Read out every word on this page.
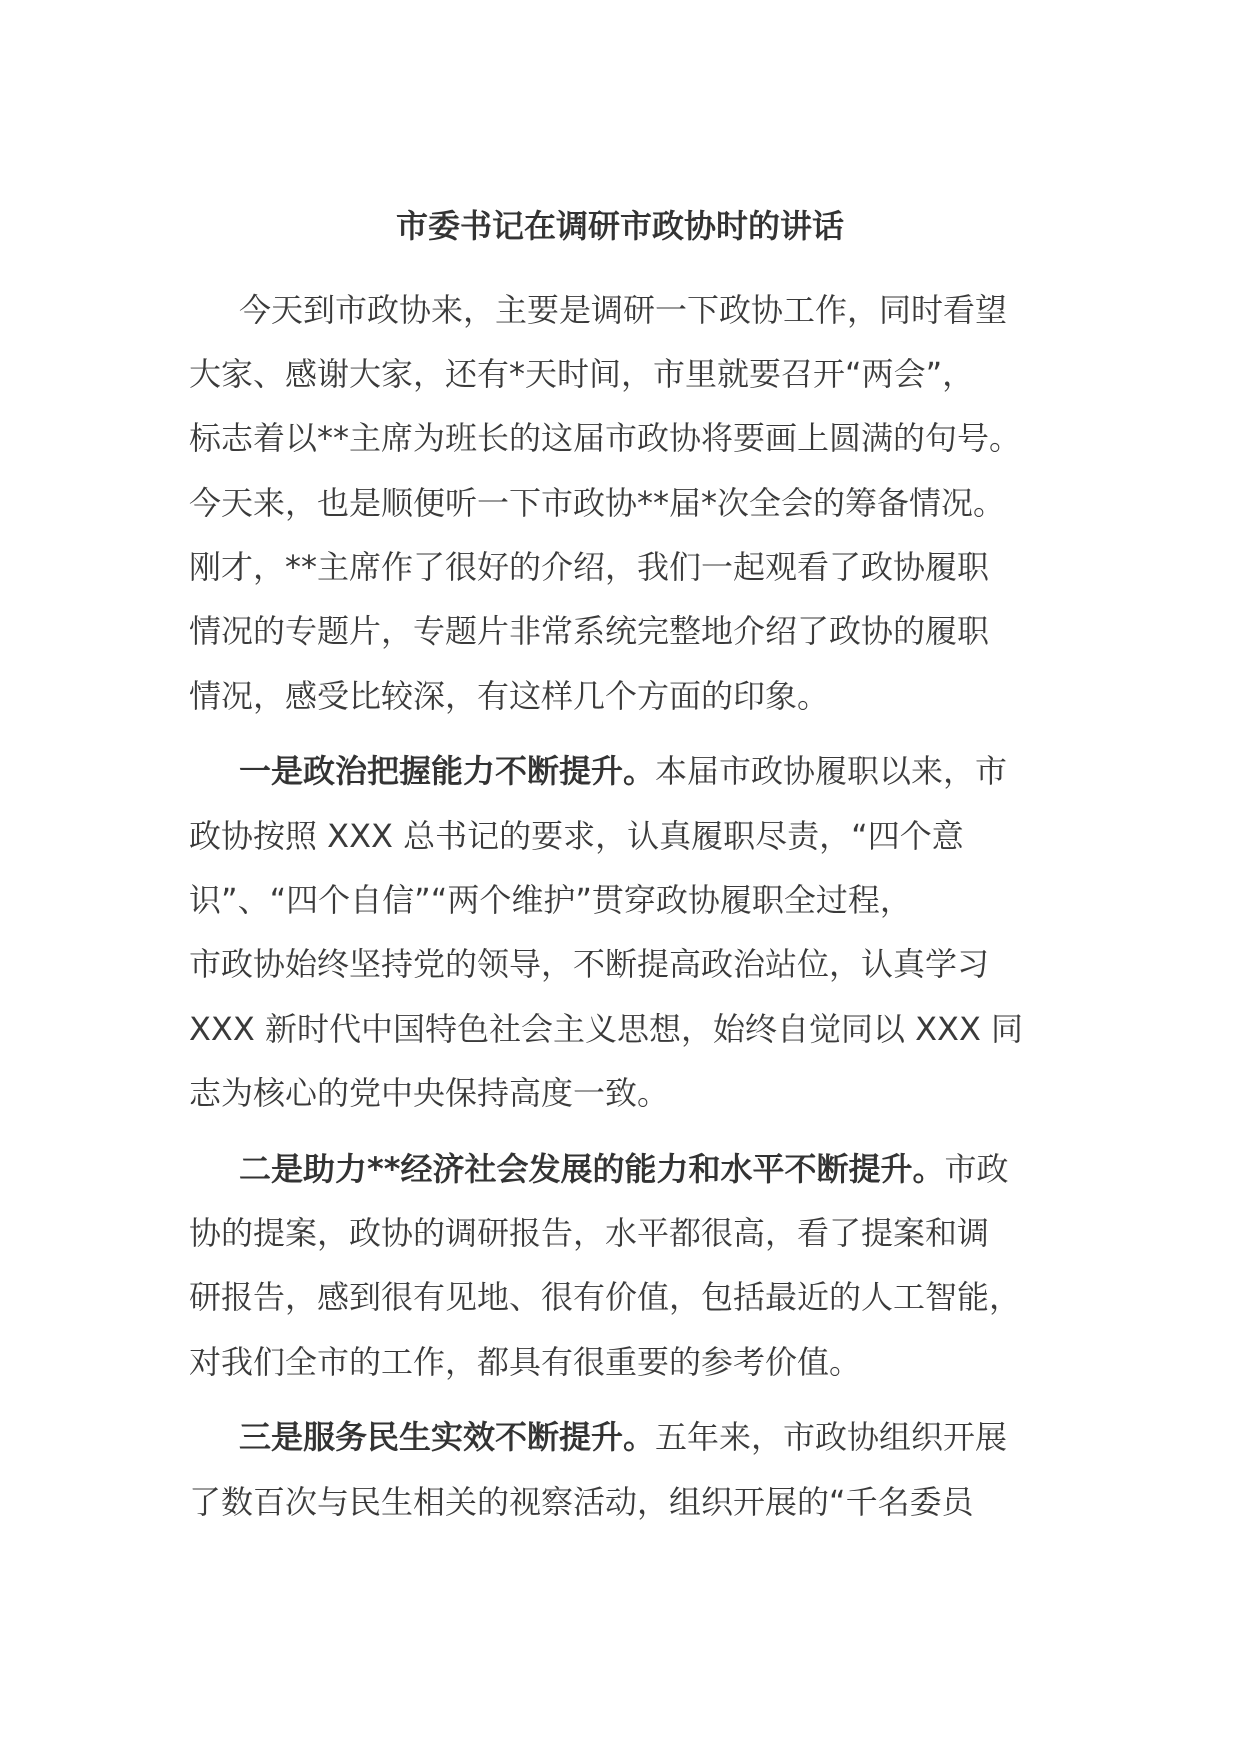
市委书记在调研市政协时的讲话
今天到市政协来，主要是调研一下政协工作，同时看望
大家、感谢大家，还有*天时间，市里就要召开“两会”，
标志着以**主席为班长的这届市政协将要画上圆满的句号。
今天来，也是顺便听一下市政协**届*次全会的筹备情况。
刚才，**主席作了很好的介绍，我们一起观看了政协履职
情况的专题片，专题片非常系统完整地介绍了政协的履职
情况，感受比较深，有这样几个方面的印象。
一是政治把握能力不断提升。本届市政协履职以来，市
政协按照 XXX 总书记的要求，认真履职尽责，“四个意
识”、“四个自信”“两个维护”贯穿政协履职全过程，
市政协始终坚持党的领导，不断提高政治站位，认真学习
XXX 新时代中国特色社会主义思想，始终自觉同以 XXX 同
志为核心的党中央保持高度一致。
二是助力**经济社会发展的能力和水平不断提升。市政
协的提案，政协的调研报告，水平都很高，看了提案和调
研报告，感到很有见地、很有价值，包括最近的人工智能，
对我们全市的工作，都具有很重要的参考价值。
三是服务民生实效不断提升。五年来，市政协组织开展
了数百次与民生相关的视察活动，组织开展的“千名委员
